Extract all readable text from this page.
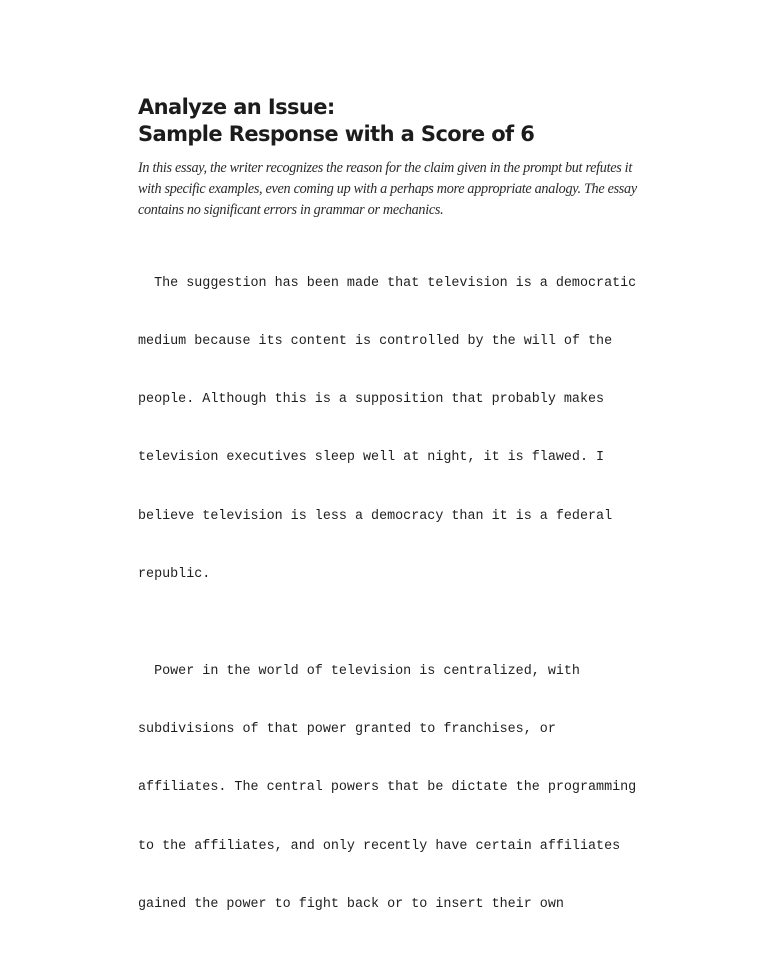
Analyze an Issue:
Sample Response with a Score of 6
In this essay, the writer recognizes the reason for the claim given in the prompt but refutes it
with specific examples, even coming up with a perhaps more appropriate analogy. The essay
contains no significant errors in grammar or mechanics.

The suggestion has been made that television is a democratic

medium because its content is controlled by the will of the

people. Although this is a supposition that probably makes

television executives sleep well at night, it is flawed. I

believe television is less a democracy than it is a federal

republic.

Power in the world of television is centralized, with

subdivisions of that power granted to franchises, or

affiliates. The central powers that be dictate the programming

to the affiliates, and only recently have certain affiliates

gained the power to fight back or to insert their own
